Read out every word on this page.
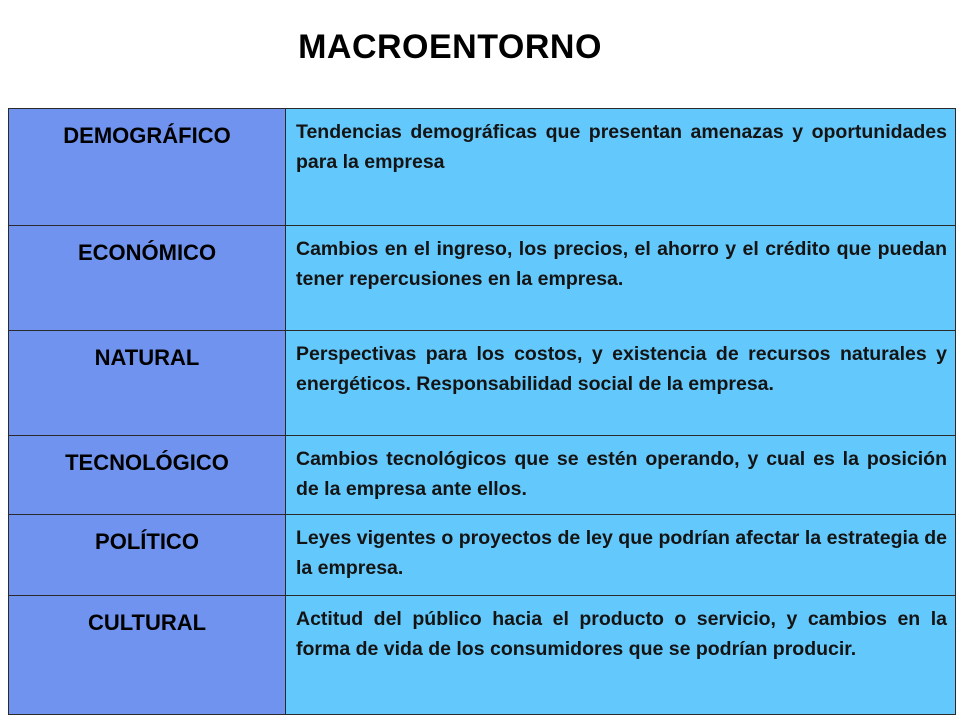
MACROENTORNO
DEMOGRÁFICO	Tendencias demográficas que presentan amenazas y oportunidades para la empresa

ECONÓMICO	Cambios en el ingreso, los precios, el ahorro y el crédito que puedan tener repercusiones en la empresa.

NATURAL	Perspectivas para los costos, y existencia de recursos naturales y energéticos. Responsabilidad social de la empresa.

TECNOLÓGICO	Cambios tecnológicos que se estén operando, y cual es la posición de la empresa ante ellos.

POLÍTICO	Leyes vigentes o proyectos de ley que podrían afectar la estrategia de la empresa.

CULTURAL	Actitud del público hacia el producto o servicio, y cambios en la forma de vida de los consumidores que se podrían producir.
